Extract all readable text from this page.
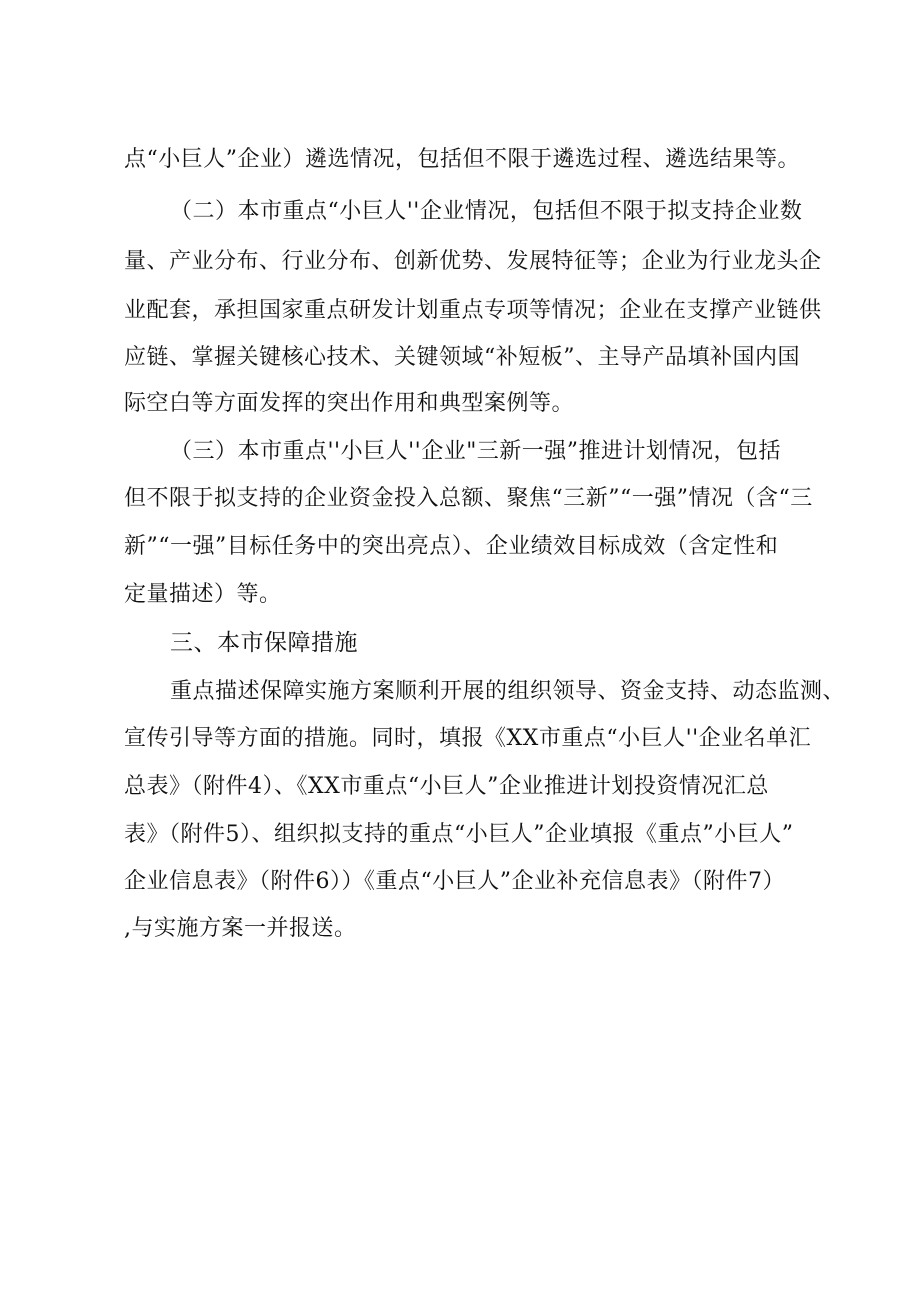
点“小巨人”企业）遴选情况，包括但不限于遴选过程、遴选结果等。
（二）本市重点“小巨人''企业情况，包括但不限于拟支持企业数
量、产业分布、行业分布、创新优势、发展特征等；企业为行业龙头企
业配套，承担国家重点研发计划重点专项等情况；企业在支撑产业链供
应链、掌握关键核心技术、关键领域“补短板”、主导产品填补国内国
际空白等方面发挥的突出作用和典型案例等。
（三）本市重点''小巨人''企业"三新一强”推进计划情况，包括
但不限于拟支持的企业资金投入总额、聚焦“三新”“一强”情况（含“三
新”“一强”目标任务中的突出亮点）、企业绩效目标成效（含定性和
定量描述）等。
三、本市保障措施
重点描述保障实施方案顺利开展的组织领导、资金支持、动态监测、
宣传引导等方面的措施。同时，填报《XX市重点“小巨人''企业名单汇
总表》（附件4）、《XX市重点“小巨人”企业推进计划投资情况汇总
表》（附件5）、组织拟支持的重点“小巨人”企业填报《重点”小巨人”
企业信息表》（附件6））《重点“小巨人”企业补充信息表》（附件7）
,与实施方案一并报送。
